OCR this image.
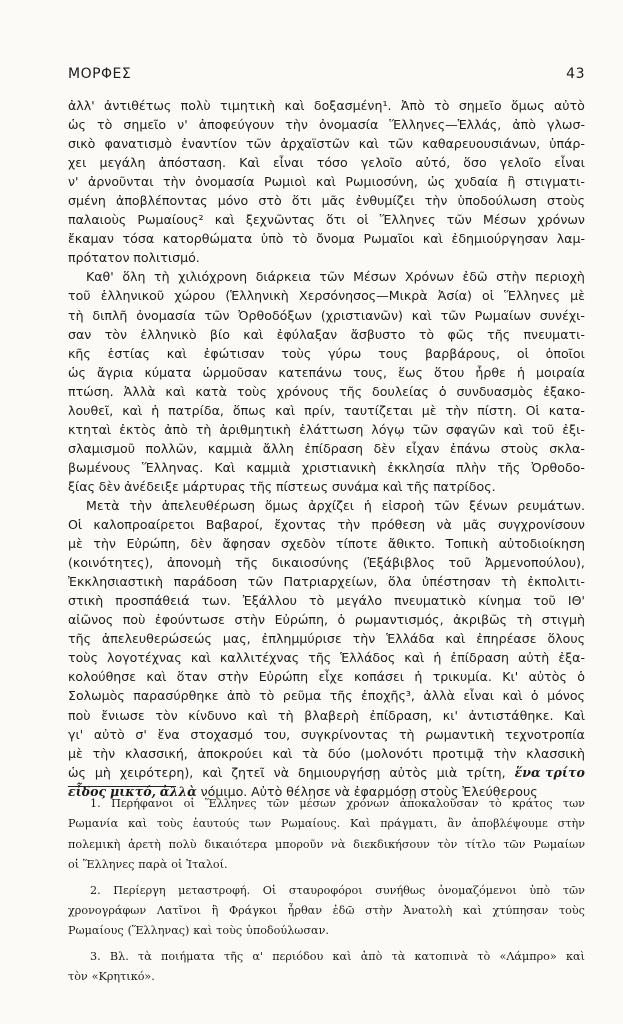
ΜΟΡΦΕΣ	43
ἀλλ' ἀντιθέτως πολὺ τιμητικὴ καὶ δοξασμένη¹. Ἀπὸ τὸ σημεῖο ὅμως αὐτὸ
ὡς τὸ σημεῖο ν' ἀποφεύγουν τὴν ὀνομασία Ἕλληνες—Ἑλλάς, ἀπὸ γλωσ-
σικὸ φανατισμὸ ἐναντίον τῶν ἀρχαϊστῶν καὶ τῶν καθαρευουσιάνων, ὑπάρ-
χει μεγάλη ἀπόσταση. Καὶ εἶναι τόσο γελοῖο αὐτό, ὅσο γελοῖο εἶναι
ν' ἀρνοῦνται τὴν ὀνομασία Ρωμιοὶ καὶ Ρωμιοσύνη, ὡς χυδαία ἢ στιγματι-
σμένη ἀποβλέποντας μόνο στὸ ὅτι μᾶς ἐνθυμίζει τὴν ὑποδούλωση στοὺς
παλαιοὺς Ρωμαίους² καὶ ξεχνῶντας ὅτι οἱ Ἕλληνες τῶν Μέσων χρόνων
ἔκαμαν τόσα κατορθώματα ὑπὸ τὸ ὄνομα Ρωμαῖοι καὶ ἐδημιούργησαν λαμ-
πρότατον πολιτισμό.
Καθ' ὅλη τὴ χιλιόχρονη διάρκεια τῶν Μέσων Χρόνων ἐδῶ στὴν περιοχὴ
τοῦ ἑλληνικοῦ χώρου (Ἑλληνικὴ Χερσόνησος—Μικρὰ Ἀσία) οἱ Ἕλληνες μὲ
τὴ διπλῆ ὀνομασία τῶν Ὀρθοδόξων (χριστιανῶν) καὶ τῶν Ρωμαίων συνέχι-
σαν τὸν ἑλληνικὸ βίο καὶ ἐφύλαξαν ἄσβυστο τὸ φῶς τῆς πνευματι-
κῆς ἑστίας καὶ ἐφώτισαν τοὺς γύρω τους βαρβάρους, οἱ ὁποῖοι
ὡς ἄγρια κύματα ὡρμοῦσαν κατεπάνω τους, ἕως ὅτου ἦρθε ἡ μοιραία
πτώση. Ἀλλὰ καὶ κατὰ τοὺς χρόνους τῆς δουλείας ὁ συνδυασμὸς ἐξακο-
λουθεῖ, καὶ ἡ πατρίδα, ὅπως καὶ πρίν, ταυτίζεται μὲ τὴν πίστη. Οἱ κατα-
κτηταὶ ἐκτὸς ἀπὸ τὴ ἀριθμητικὴ ἐλάττωση λόγῳ τῶν σφαγῶν καὶ τοῦ ἐξι-
σλαμισμοῦ πολλῶν, καμμιὰ ἄλλη ἐπίδραση δὲν εἶχαν ἐπάνω στοὺς σκλα-
βωμένους Ἕλληνας. Καὶ καμμιὰ χριστιανικὴ ἐκκλησία πλὴν τῆς Ὀρθοδο-
ξίας δὲν ἀνέδειξε μάρτυρας τῆς πίστεως συνάμα καὶ τῆς πατρίδος.
Μετὰ τὴν ἀπελευθέρωση ὅμως ἀρχίζει ἡ εἰσροὴ τῶν ξένων ρευμάτων.
Οἱ καλοπροαίρετοι Βαβαροί, ἔχοντας τὴν πρόθεση νὰ μᾶς συγχρονίσουν
μὲ τὴν Εὐρώπη, δὲν ἄφησαν σχεδὸν τίποτε ἄθικτο. Τοπικὴ αὐτοδιοίκηση
(κοινότητες), ἀπονομὴ τῆς δικαιοσύνης (Ἑξάβιβλος τοῦ Ἀρμενοπούλου),
Ἐκκλησιαστικὴ παράδοση τῶν Πατριαρχείων, ὅλα ὑπέστησαν τὴ ἐκπολιτι-
στικὴ προσπάθειά των. Ἐξάλλου τὸ μεγάλο πνευματικὸ κίνημα τοῦ ΙΘ'
αἰῶνος ποὺ ἐφούντωσε στὴν Εὐρώπη, ὁ ρωμαντισμός, ἀκριβῶς τὴ στιγμὴ
τῆς ἀπελευθερώσεώς μας, ἐπλημμύρισε τὴν Ἑλλάδα καὶ ἐπηρέασε ὅλους
τοὺς λογοτέχνας καὶ καλλιτέχνας τῆς Ἑλλάδος καὶ ἡ ἐπίδραση αὐτὴ ἐξα-
κολούθησε καὶ ὅταν στὴν Εὐρώπη εἶχε κοπάσει ἡ τρικυμία. Κι' αὐτὸς ὁ
Σολωμὸς παρασύρθηκε ἀπὸ τὸ ρεῦμα τῆς ἐποχῆς³, ἀλλὰ εἶναι καὶ ὁ μόνος
ποὺ ἔνιωσε τὸν κίνδυνο καὶ τὴ βλαβερὴ ἐπίδραση, κι' ἀντιστάθηκε. Καὶ
γι' αὐτὸ σ' ἕνα στοχασμό του, συγκρίνοντας τὴ ρωμαντικὴ τεχνοτροπία
μὲ τὴν κλασσική, ἀποκρούει καὶ τὰ δύο (μολονότι προτιμᾷ τὴν κλασσικὴ
ὡς μὴ χειρότερη), καὶ ζητεῖ νὰ δημιουργήσῃ αὐτὸς μιὰ τρίτη, ἕνα τρίτο
εἶδος μικτό, ἀλλὰ νόμιμο. Αὐτὸ θέλησε νὰ ἐφαρμόσῃ στοὺς Ἐλεύθερους
1. Περήφανοι οἱ Ἕλληνες τῶν μέσων χρόνων ἀποκαλοῦσαν τὸ κράτος των
Ρωμανία καὶ τοὺς ἑαυτούς των Ρωμαίους. Καὶ πράγματι, ἂν ἀποβλέψουμε στὴν
πολεμικὴ ἀρετὴ πολὺ δικαιότερα μποροῦν νὰ διεκδικήσουν τὸν τίτλο τῶν Ρωμαίων
οἱ Ἕλληνες παρὰ οἱ Ἰταλοί.
2. Περίεργη μεταστροφή. Οἱ σταυροφόροι συνήθως ὀνομαζόμενοι ὑπὸ τῶν
χρονογράφων Λατῖνοι ἢ Φράγκοι ἦρθαν ἐδῶ στὴν Ἀνατολὴ καὶ χτύπησαν τοὺς
Ρωμαίους (Ἕλληνας) καὶ τοὺς ὑποδούλωσαν.
3. Βλ. τὰ ποιήματα τῆς α' περιόδου καὶ ἀπὸ τὰ κατοπινὰ τὸ «Λάμπρο» καὶ
τὸν «Κρητικό».
